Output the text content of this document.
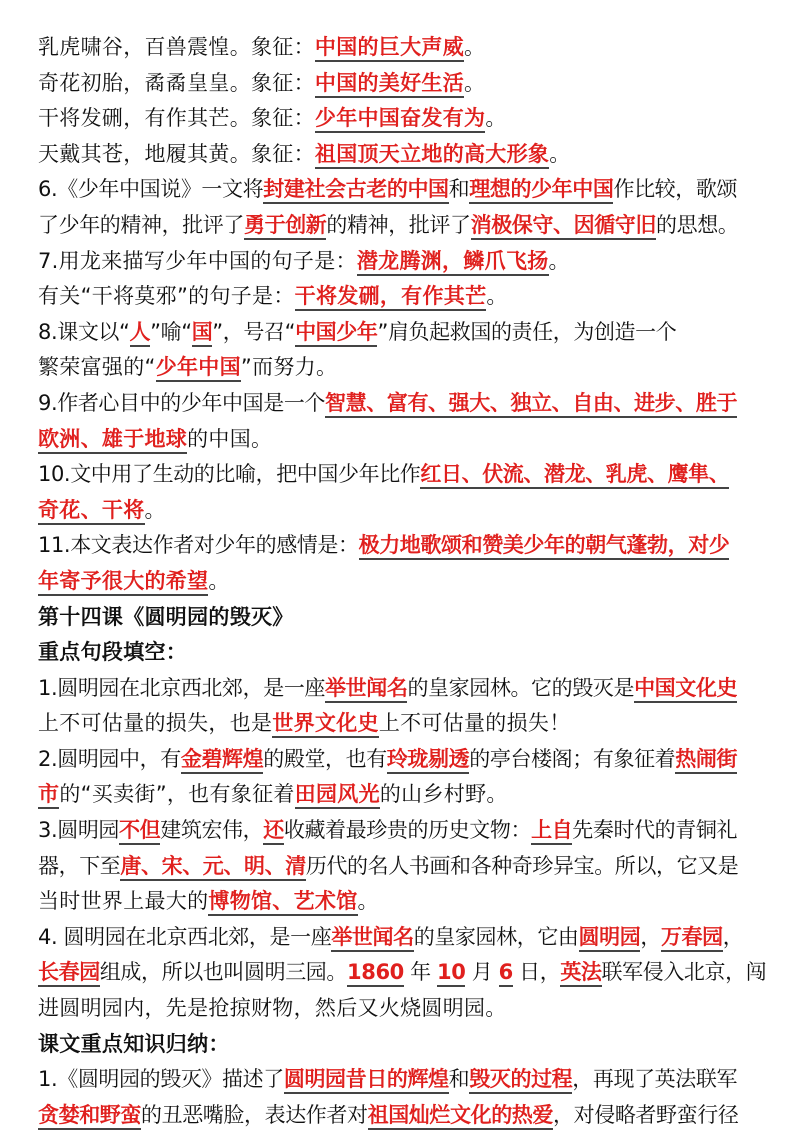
乳虎啸谷，百兽震惶。象征：中国的巨大声威。
奇花初胎，矞矞皇皇。象征：中国的美好生活。
干将发硎，有作其芒。象征：少年中国奋发有为。
天戴其苍，地履其黄。象征：祖国顶天立地的高大形象。
6.《少年中国说》一文将封建社会古老的中国和理想的少年中国作比较，歌颂
了少年的精神，批评了勇于创新的精神，批评了消极保守、因循守旧的思想。
7.用龙来描写少年中国的句子是：潜龙腾渊，鳞爪飞扬。
有关“干将莫邪”的句子是：干将发硎，有作其芒。
8.课文以“人”喻“国”，号召“中国少年”肩负起救国的责任，为创造一个
繁荣富强的“少年中国”而努力。
9.作者心目中的少年中国是一个智慧、富有、强大、独立、自由、进步、胜于
欧洲、雄于地球的中国。
10.文中用了生动的比喻，把中国少年比作红日、伏流、潜龙、乳虎、鹰隼、
奇花、干将。
11.本文表达作者对少年的感情是：极力地歌颂和赞美少年的朝气蓬勃，对少
年寄予很大的希望。
第十四课《圆明园的毁灭》
重点句段填空：
1.圆明园在北京西北郊，是一座举世闻名的皇家园林。它的毁灭是中国文化史
上不可估量的损失，也是世界文化史上不可估量的损失！
2.圆明园中，有金碧辉煌的殿堂，也有玲珑剔透的亭台楼阁；有象征着热闹街
市的“买卖街”，也有象征着田园风光的山乡村野。
3.圆明园不但建筑宏伟，还收藏着最珍贵的历史文物：上自先秦时代的青铜礼
器，下至唐、宋、元、明、清历代的名人书画和各种奇珍异宝。所以，它又是
当时世界上最大的博物馆、艺术馆。
4. 圆明园在北京西北郊，是一座举世闻名的皇家园林，它由圆明园，万春园，
长春园组成，所以也叫圆明三园。1860 年 10 月 6 日，英法联军侵入北京，闯
进圆明园内，先是抢掠财物，然后又火烧圆明园。
课文重点知识归纳：
1.《圆明园的毁灭》描述了圆明园昔日的辉煌和毁灭的过程，再现了英法联军
贪婪和野蛮的丑恶嘴脸，表达作者对祖国灿烂文化的热爱，对侵略者野蛮行径
